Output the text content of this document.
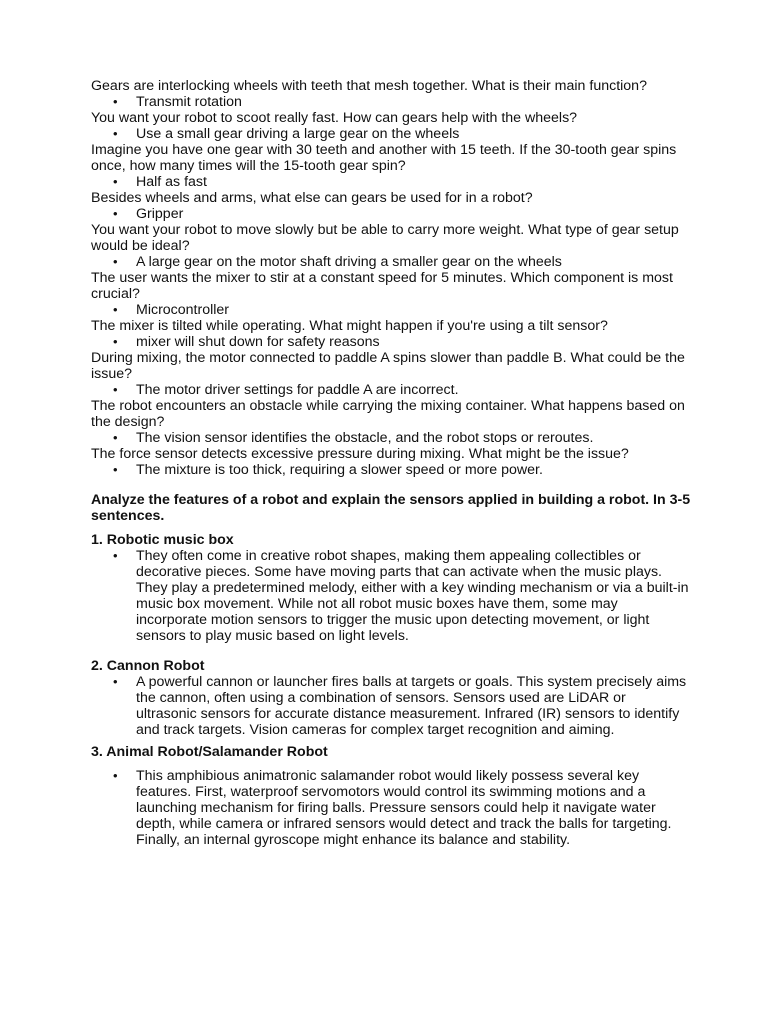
Gears are interlocking wheels with teeth that mesh together. What is their main function?

• Transmit rotation

You want your robot to scoot really fast. How can gears help with the wheels?

• Use a small gear driving a large gear on the wheels

Imagine you have one gear with 30 teeth and another with 15 teeth. If the 30-tooth gear spins once, how many times will the 15-tooth gear spin?

• Half as fast

Besides wheels and arms, what else can gears be used for in a robot?

• Gripper

You want your robot to move slowly but be able to carry more weight. What type of gear setup would be ideal?

• A large gear on the motor shaft driving a smaller gear on the wheels

The user wants the mixer to stir at a constant speed for 5 minutes. Which component is most crucial?

• Microcontroller

The mixer is tilted while operating. What might happen if you're using a tilt sensor?

• mixer will shut down for safety reasons

During mixing, the motor connected to paddle A spins slower than paddle B. What could be the issue?

• The motor driver settings for paddle A are incorrect.

The robot encounters an obstacle while carrying the mixing container. What happens based on the design?

• The vision sensor identifies the obstacle, and the robot stops or reroutes.

The force sensor detects excessive pressure during mixing. What might be the issue?

• The mixture is too thick, requiring a slower speed or more power.

Analyze the features of a robot and explain the sensors applied in building a robot. In 3-5 sentences.

1. Robotic music box

• They often come in creative robot shapes, making them appealing collectibles or decorative pieces. Some have moving parts that can activate when the music plays. They play a predetermined melody, either with a key winding mechanism or via a built-in music box movement. While not all robot music boxes have them, some may incorporate motion sensors to trigger the music upon detecting movement, or light sensors to play music based on light levels.

2. Cannon Robot

• A powerful cannon or launcher fires balls at targets or goals. This system precisely aims the cannon, often using a combination of sensors. Sensors used are LiDAR or ultrasonic sensors for accurate distance measurement. Infrared (IR) sensors to identify and track targets. Vision cameras for complex target recognition and aiming.

3. Animal Robot/Salamander Robot

• This amphibious animatronic salamander robot would likely possess several key features. First, waterproof servomotors would control its swimming motions and a launching mechanism for firing balls. Pressure sensors could help it navigate water depth, while camera or infrared sensors would detect and track the balls for targeting. Finally, an internal gyroscope might enhance its balance and stability.
